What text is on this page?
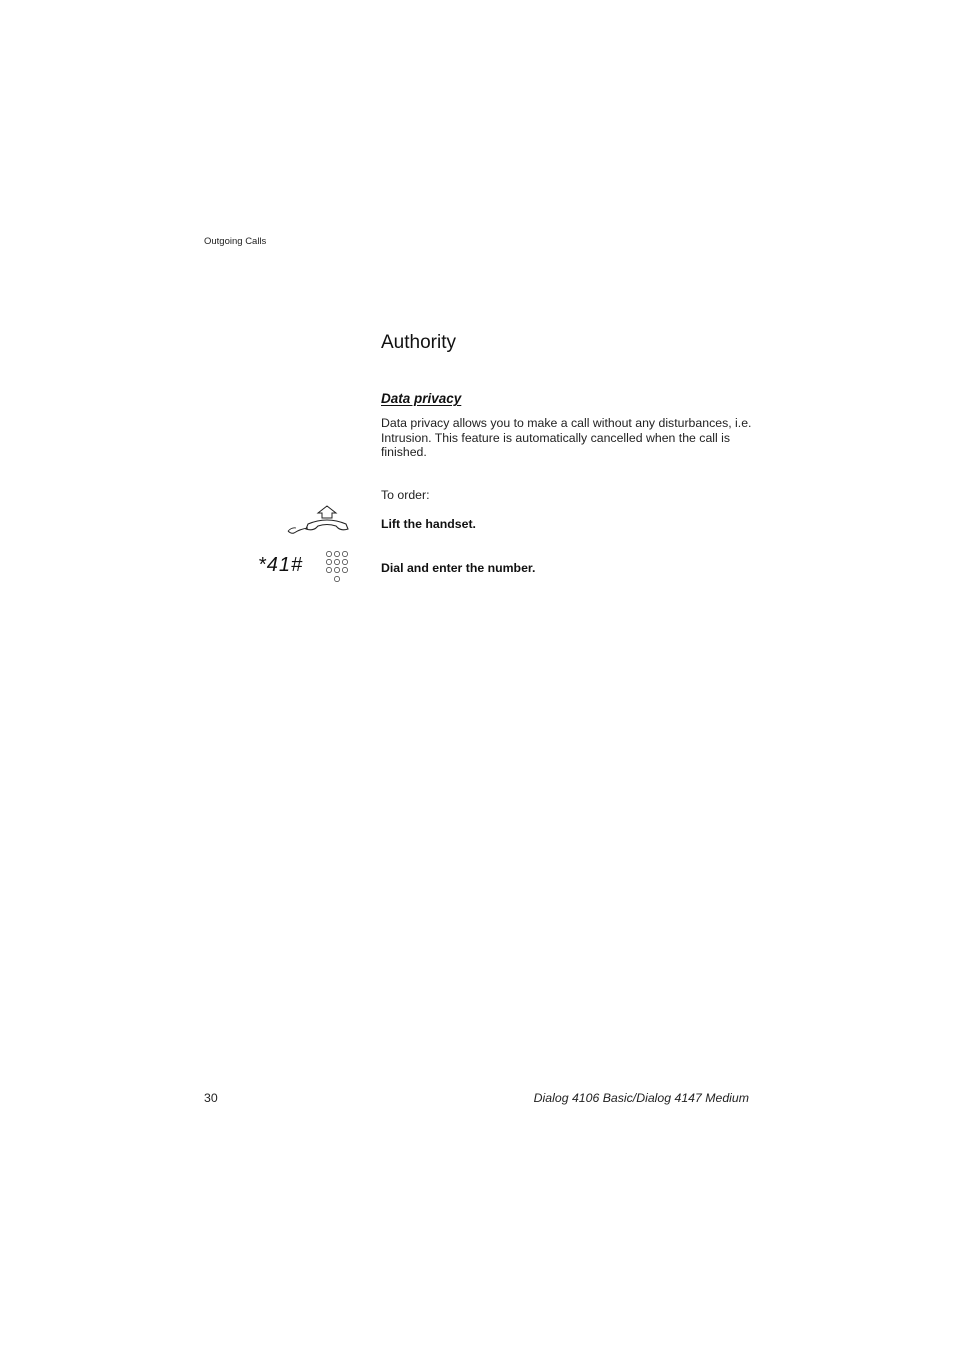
Outgoing Calls
Authority
Data privacy

Data privacy allows you to make a call without any disturbances, i.e. Intrusion. This feature is automatically cancelled when the call is finished.

To order:
Lift the handset.
*41#	Dial and enter the number.
30	Dialog 4106 Basic/Dialog 4147 Medium
